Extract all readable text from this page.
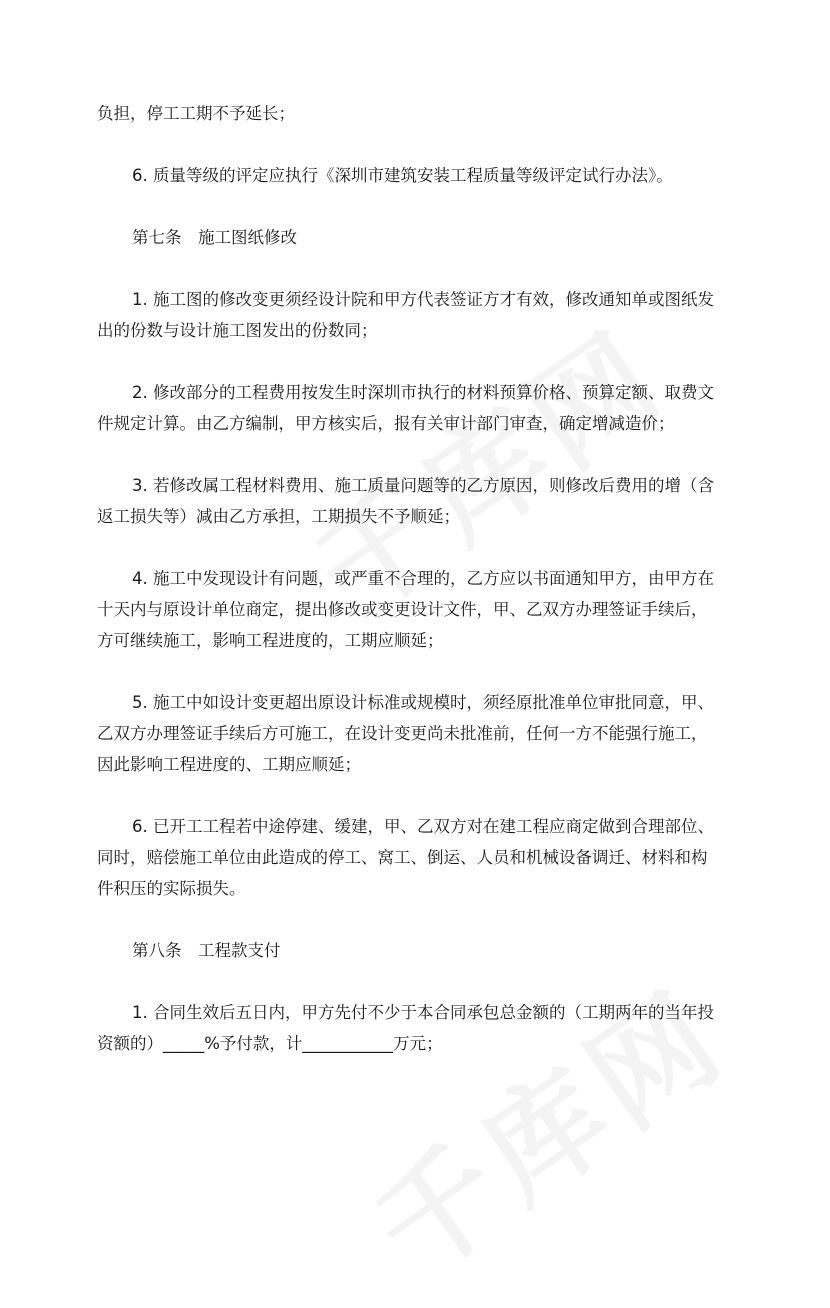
负担，停工工期不予延长；
6. 质量等级的评定应执行《深圳市建筑安装工程质量等级评定试行办法》。
第七条　施工图纸修改
1. 施工图的修改变更须经设计院和甲方代表签证方才有效，修改通知单或图纸发
出的份数与设计施工图发出的份数同；
2. 修改部分的工程费用按发生时深圳市执行的材料预算价格、预算定额、取费文
件规定计算。由乙方编制，甲方核实后，报有关审计部门审查，确定增减造价；
3. 若修改属工程材料费用、施工质量问题等的乙方原因，则修改后费用的增（含
返工损失等）减由乙方承担，工期损失不予顺延；
4. 施工中发现设计有问题，或严重不合理的，乙方应以书面通知甲方，由甲方在
十天内与原设计单位商定，提出修改或变更设计文件，甲、乙双方办理签证手续后，
方可继续施工，影响工程进度的，工期应顺延；
5. 施工中如设计变更超出原设计标准或规模时，须经原批准单位审批同意，甲、
乙双方办理签证手续后方可施工，在设计变更尚未批准前，任何一方不能强行施工，
因此影响工程进度的、工期应顺延；
6. 已开工工程若中途停建、缓建，甲、乙双方对在建工程应商定做到合理部位、
同时，赔偿施工单位由此造成的停工、窝工、倒运、人员和机械设备调迁、材料和构
件积压的实际损失。
第八条　工程款支付
1. 合同生效后五日内，甲方先付不少于本合同承包总金额的（工期两年的当年投
资额的）_____%予付款，计___________万元；
